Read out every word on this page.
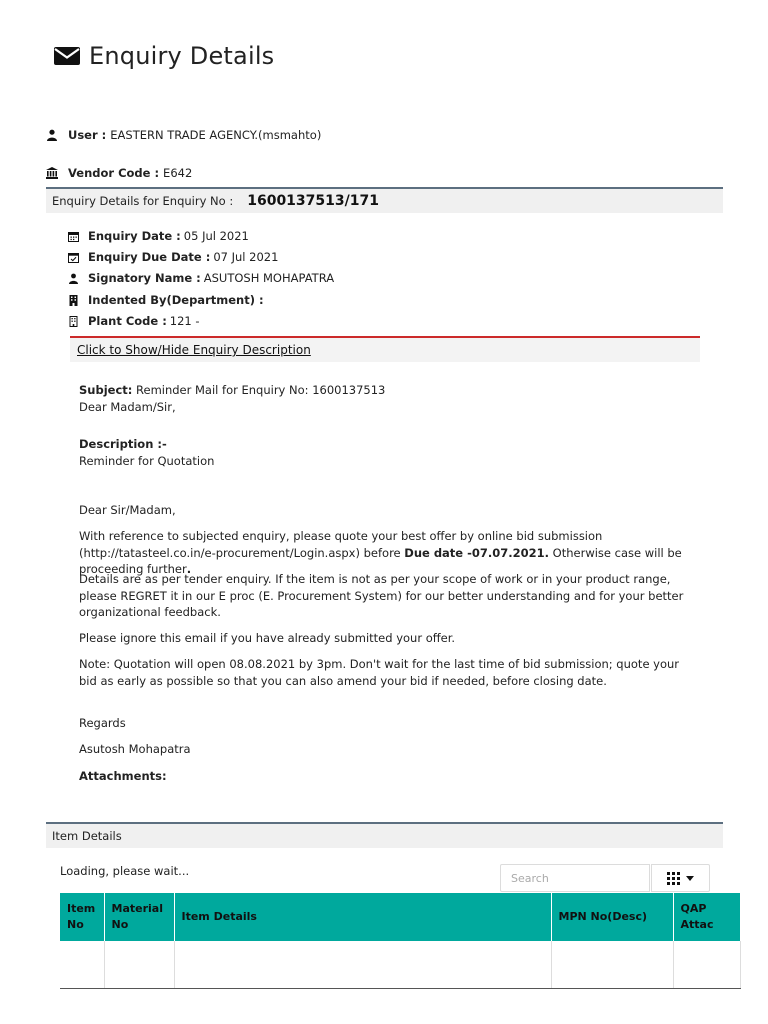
Enquiry Details
User : EASTERN TRADE AGENCY.(msmahto)
Vendor Code : E642
Enquiry Details for Enquiry No : 1600137513/171
Enquiry Date : 05 Jul 2021
Enquiry Due Date : 07 Jul 2021
Signatory Name : ASUTOSH MOHAPATRA
Indented By(Department) :
Plant Code : 121 -
Click to Show/Hide Enquiry Description

Subject: Reminder Mail for Enquiry No: 1600137513

Dear Madam/Sir,

Description :-

Reminder for Quotation

Dear Sir/Madam,
With reference to subjected enquiry, please quote your best offer by online bid submission (http://tatasteel.co.in/e-procurement/Login.aspx) before Due date -07.07.2021. Otherwise case will be proceeding further.
Details are as per tender enquiry. If the item is not as per your scope of work or in your product range, please REGRET it in our E proc (E. Procurement System) for our better understanding and for your better organizational feedback.
Please ignore this email if you have already submitted your offer.
Note: Quotation will open 08.08.2021 by 3pm. Don't wait for the last time of bid submission; quote your bid as early as possible so that you can also amend your bid if needed, before closing date.
Regards
Asutosh Mohapatra
Attachments:
Item Details
Loading, please wait...
Search
Item No	Material No	Item Details	MPN No(Desc)	QAP Attac
